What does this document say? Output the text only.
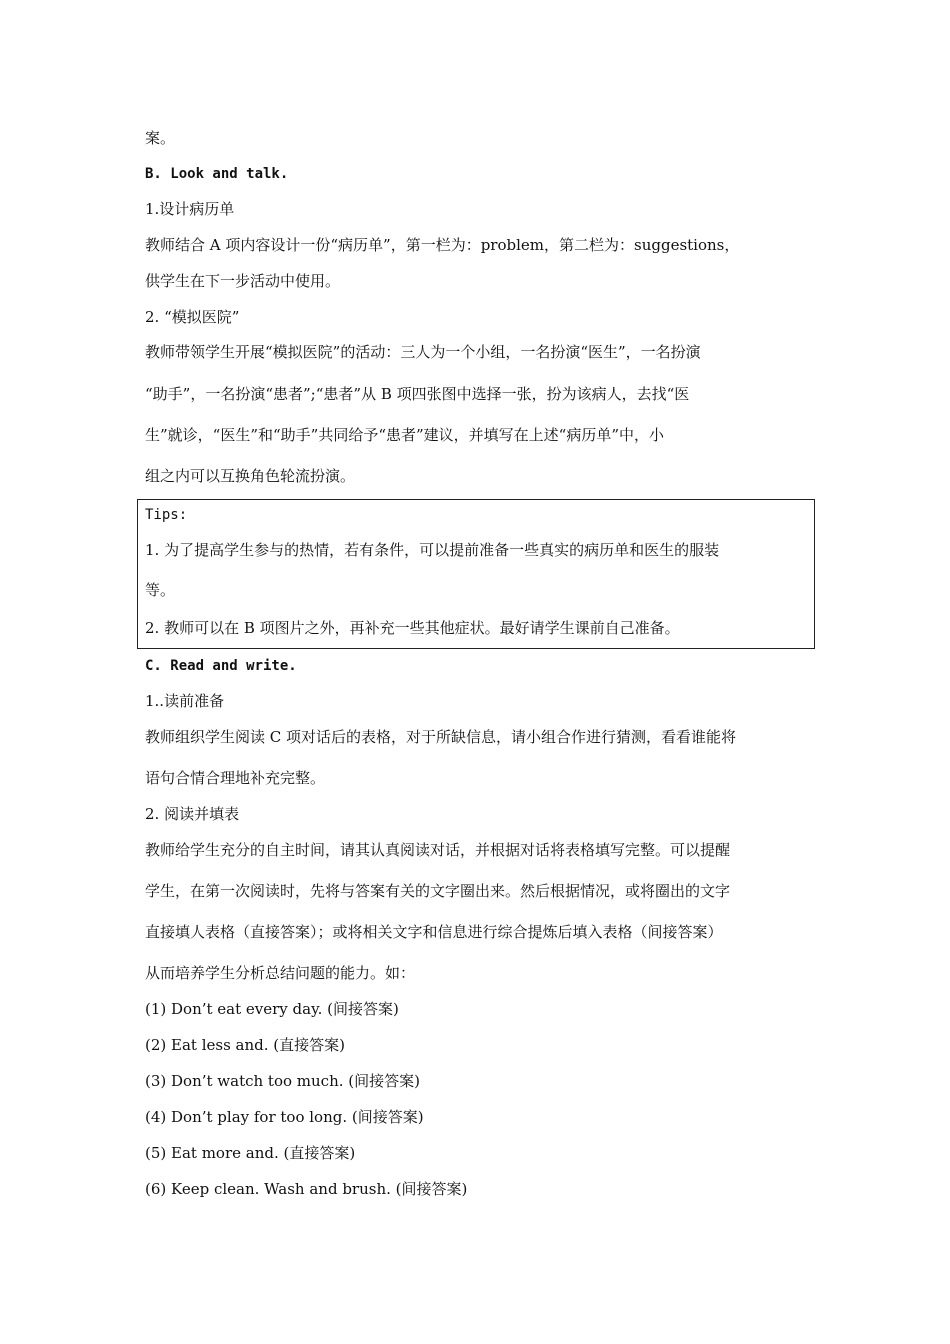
案。
B. Look and talk.
1.设计病历单
教师结合 A 项内容设计一份“病历单”，第一栏为：problem，第二栏为：suggestions，
供学生在下一步活动中使用。
2. “模拟医院”
教师带领学生开展“模拟医院”的活动：三人为一个小组，一名扮演“医生”，一名扮演
“助手”，一名扮演“患者”;“患者”从 B 项四张图中选择一张，扮为该病人，去找“医
生”就诊，“医生”和“助手”共同给予“患者”建议，并填写在上述“病历单”中，小
组之内可以互换角色轮流扮演。
Tips:
1. 为了提高学生参与的热情，若有条件，可以提前准备一些真实的病历单和医生的服装
等。
2. 教师可以在 B 项图片之外，再补充一些其他症状。最好请学生课前自己准备。
C. Read and write.
1..读前准备
教师组织学生阅读 C 项对话后的表格，对于所缺信息，请小组合作进行猜测，看看谁能将
语句合情合理地补充完整。
2. 阅读并填表
教师给学生充分的自主时间，请其认真阅读对话，并根据对话将表格填写完整。可以提醒
学生，在第一次阅读时，先将与答案有关的文字圈出来。然后根据情况，或将圈出的文字
直接填人表格（直接答案）；或将相关文字和信息进行综合提炼后填入表格（间接答案）
从而培养学生分析总结问题的能力。如：
(1) Don’t eat every day. (间接答案)
(2) Eat less and. (直接答案)
(3) Don’t watch too much. (间接答案)
(4) Don’t play for too long. (间接答案)
(5) Eat more and. (直接答案)
(6) Keep clean. Wash and brush. (间接答案)
